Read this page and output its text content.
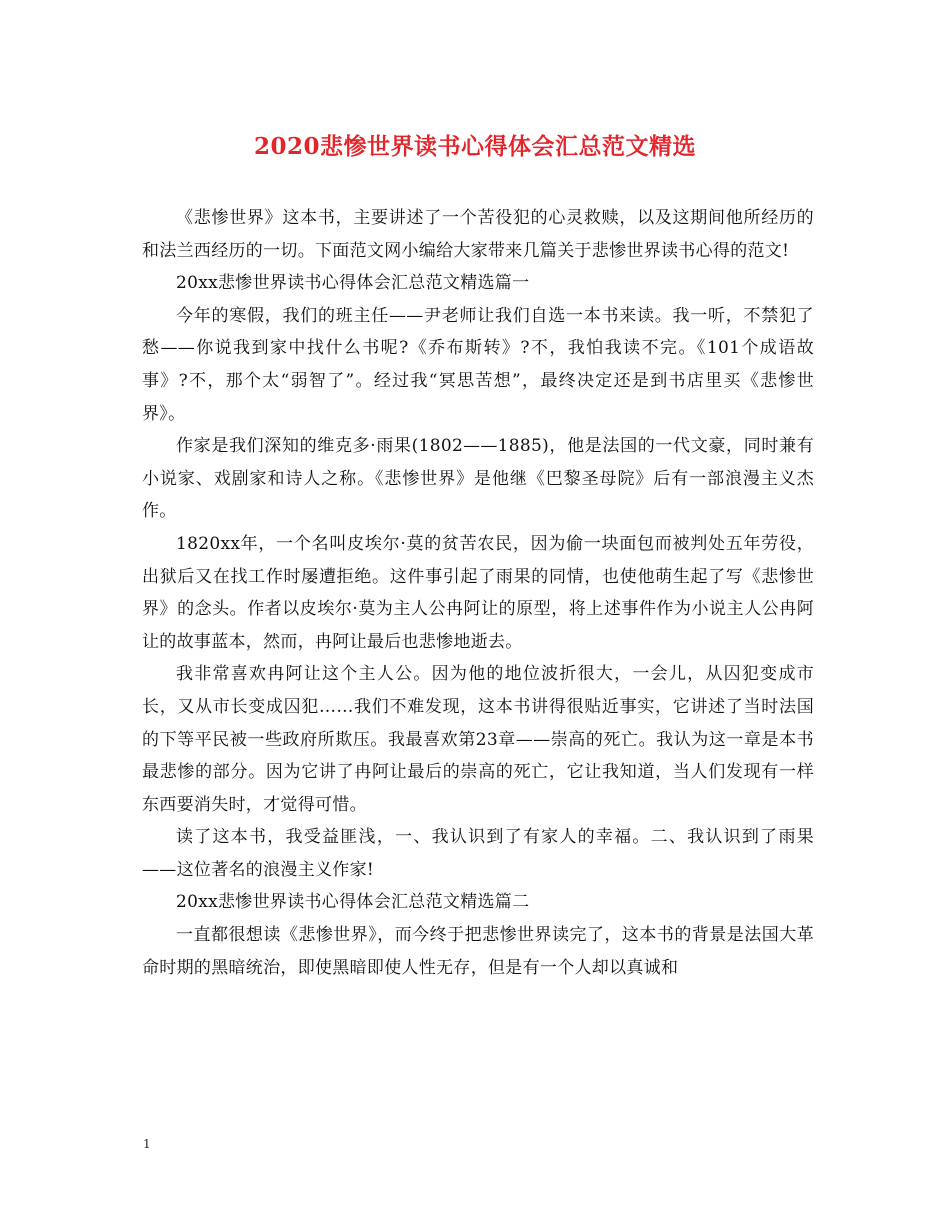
2020悲惨世界读书心得体会汇总范文精选

《悲惨世界》这本书，主要讲述了一个苦役犯的心灵救赎，以及这期间他所经历的和法兰西经历的一切。下面范文网小编给大家带来几篇关于悲惨世界读书心得的范文!

20xx悲惨世界读书心得体会汇总范文精选篇一

今年的寒假，我们的班主任——尹老师让我们自选一本书来读。我一听，不禁犯了愁——你说我到家中找什么书呢?《乔布斯转》?不，我怕我读不完。《101个成语故事》?不，那个太“弱智了”。经过我“冥思苦想”，最终决定还是到书店里买《悲惨世界》。

作家是我们深知的维克多·雨果(1802——1885)，他是法国的一代文豪，同时兼有小说家、戏剧家和诗人之称。《悲惨世界》是他继《巴黎圣母院》后有一部浪漫主义杰作。

1820xx年，一个名叫皮埃尔·莫的贫苦农民，因为偷一块面包而被判处五年劳役，出狱后又在找工作时屡遭拒绝。这件事引起了雨果的同情，也使他萌生起了写《悲惨世界》的念头。作者以皮埃尔·莫为主人公冉阿让的原型，将上述事件作为小说主人公冉阿让的故事蓝本，然而，冉阿让最后也悲惨地逝去。

我非常喜欢冉阿让这个主人公。因为他的地位波折很大，一会儿，从囚犯变成市长，又从市长变成囚犯……我们不难发现，这本书讲得很贴近事实，它讲述了当时法国的下等平民被一些政府所欺压。我最喜欢第23章——崇高的死亡。我认为这一章是本书最悲惨的部分。因为它讲了冉阿让最后的崇高的死亡，它让我知道，当人们发现有一样东西要消失时，才觉得可惜。

读了这本书，我受益匪浅，一、我认识到了有家人的幸福。二、我认识到了雨果——这位著名的浪漫主义作家!

20xx悲惨世界读书心得体会汇总范文精选篇二

一直都很想读《悲惨世界》，而今终于把悲惨世界读完了，这本书的背景是法国大革命时期的黑暗统治，即使黑暗即使人性无存，但是有一个人却以真诚和

1
